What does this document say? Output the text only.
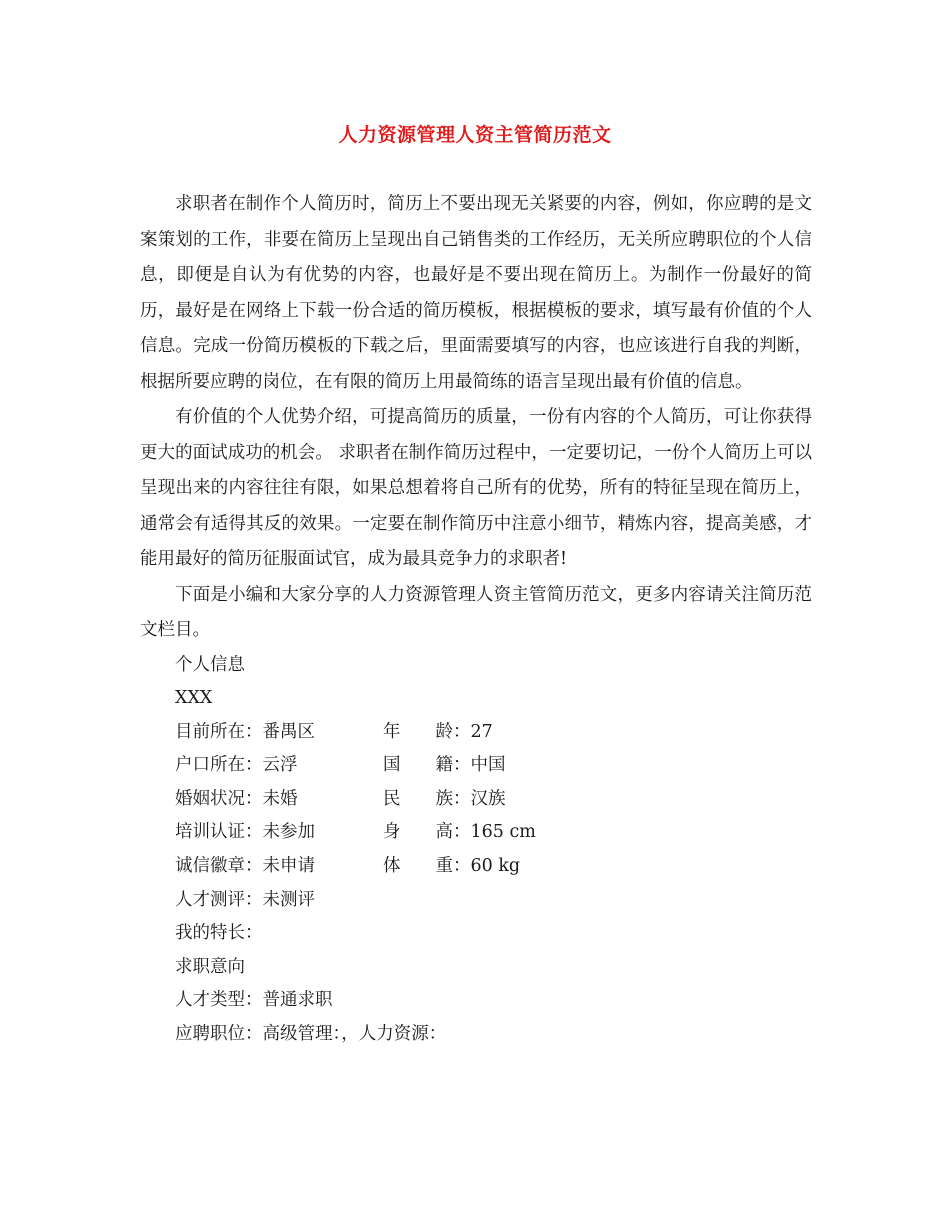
人力资源管理人资主管简历范文

求职者在制作个人简历时，简历上不要出现无关紧要的内容，例如，你应聘的是文案策划的工作，非要在简历上呈现出自己销售类的工作经历，无关所应聘职位的个人信息，即便是自认为有优势的内容，也最好是不要出现在简历上。为制作一份最好的简历，最好是在网络上下载一份合适的简历模板，根据模板的要求，填写最有价值的个人信息。完成一份简历模板的下载之后，里面需要填写的内容，也应该进行自我的判断，根据所要应聘的岗位，在有限的简历上用最简练的语言呈现出最有价值的信息。

有价值的个人优势介绍，可提高简历的质量，一份有内容的个人简历，可让你获得更大的面试成功的机会。 求职者在制作简历过程中，一定要切记，一份个人简历上可以呈现出来的内容往往有限，如果总想着将自己所有的优势，所有的特征呈现在简历上，通常会有适得其反的效果。一定要在制作简历中注意小细节，精炼内容，提高美感，才能用最好的简历征服面试官，成为最具竞争力的求职者!

下面是小编和大家分享的人力资源管理人资主管简历范文，更多内容请关注简历范文栏目。

个人信息

XXX

目前所在：番禺区	年　　龄：27

户口所在：云浮	国　　籍：中国

婚姻状况：未婚	民　　族：汉族

培训认证：未参加	身　　高：165 cm

诚信徽章：未申请	体　　重：60 kg

人才测评：未测评

我的特长：

求职意向

人才类型：普通求职

应聘职位：高级管理：，人力资源：
